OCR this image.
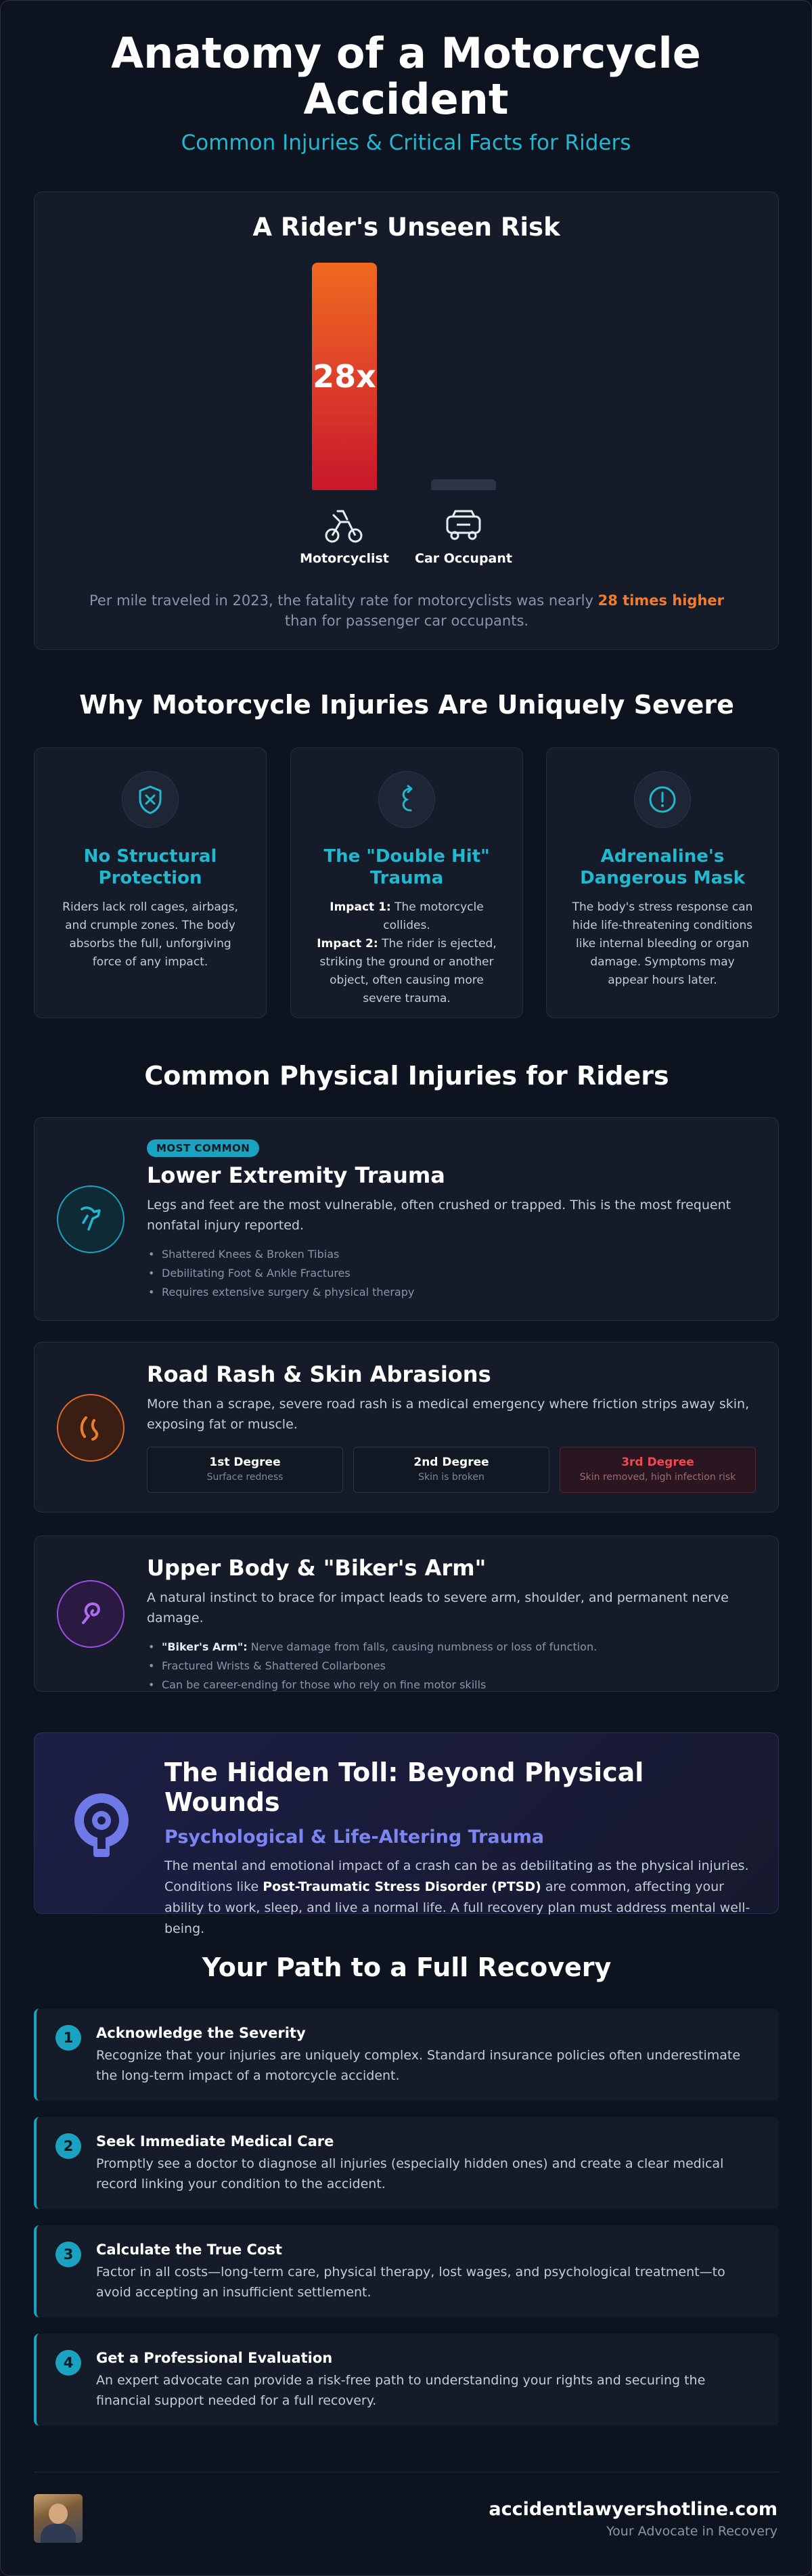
Anatomy of a Motorcycle Accident
Common Injuries & Critical Facts for Riders
A Rider's Unseen Risk
28x
Motorcyclist	Car Occupant
Per mile traveled in 2023, the fatality rate for motorcyclists was nearly 28 times higher than for passenger car occupants.
Why Motorcycle Injuries Are Uniquely Severe
No Structural Protection
Riders lack roll cages, airbags, and crumple zones. The body absorbs the full, unforgiving force of any impact.
The "Double Hit" Trauma
Impact 1: The motorcycle collides.
Impact 2: The rider is ejected, striking the ground or another object, often causing more severe trauma.
Adrenaline's Dangerous Mask
The body's stress response can hide life-threatening conditions like internal bleeding or organ damage. Symptoms may appear hours later.
Common Physical Injuries for Riders
MOST COMMON
Lower Extremity Trauma
Legs and feet are the most vulnerable, often crushed or trapped. This is the most frequent nonfatal injury reported.
• Shattered Knees & Broken Tibias
• Debilitating Foot & Ankle Fractures
• Requires extensive surgery & physical therapy
Road Rash & Skin Abrasions
More than a scrape, severe road rash is a medical emergency where friction strips away skin, exposing fat or muscle.
1st Degree
Surface redness
2nd Degree
Skin is broken
3rd Degree
Skin removed, high infection risk
Upper Body & "Biker's Arm"
A natural instinct to brace for impact leads to severe arm, shoulder, and permanent nerve damage.
• "Biker's Arm": Nerve damage from falls, causing numbness or loss of function.
• Fractured Wrists & Shattered Collarbones
• Can be career-ending for those who rely on fine motor skills
The Hidden Toll: Beyond Physical Wounds
Psychological & Life-Altering Trauma
The mental and emotional impact of a crash can be as debilitating as the physical injuries. Conditions like Post-Traumatic Stress Disorder (PTSD) are common, affecting your ability to work, sleep, and live a normal life. A full recovery plan must address mental well-being.
Your Path to a Full Recovery
1	Acknowledge the Severity
Recognize that your injuries are uniquely complex. Standard insurance policies often underestimate the long-term impact of a motorcycle accident.
2	Seek Immediate Medical Care
Promptly see a doctor to diagnose all injuries (especially hidden ones) and create a clear medical record linking your condition to the accident.
3	Calculate the True Cost
Factor in all costs—long-term care, physical therapy, lost wages, and psychological treatment—to avoid accepting an insufficient settlement.
4	Get a Professional Evaluation
An expert advocate can provide a risk-free path to understanding your rights and securing the financial support needed for a full recovery.
accidentlawyershotline.com
Your Advocate in Recovery
